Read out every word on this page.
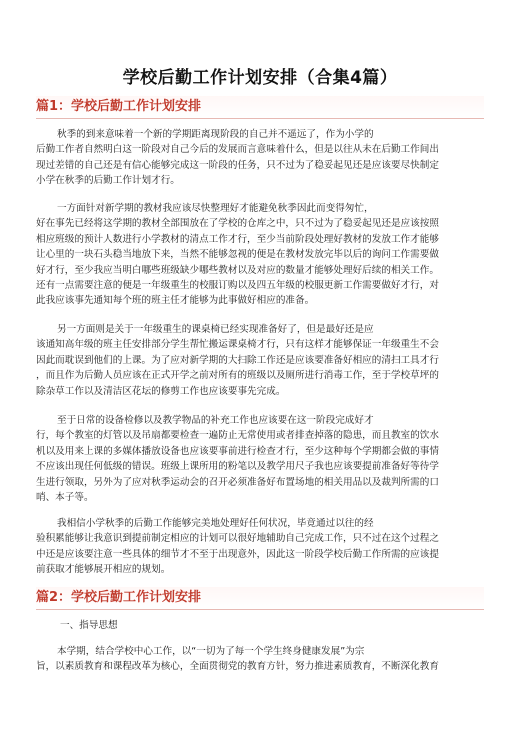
学校后勤工作计划安排（合集4篇）
篇1：学校后勤工作计划安排

秋季的到来意味着一个新的学期距离现阶段的自己并不遥远了，作为小学的
后勤工作者自然明白这一阶段对自己今后的发展而言意味着什么，但是以往从未在后勤工作间出
现过差错的自己还是有信心能够完成这一阶段的任务，只不过为了稳妥起见还是应该要尽快制定
小学在秋季的后勤工作计划才行。

一方面针对新学期的教材我应该尽快整理好才能避免秋季因此而变得匆忙，
好在事先已经将这学期的教材全部围放在了学校的仓库之中，只不过为了稳妥起见还是应该按照
相应班级的预计人数进行小学教材的清点工作才行，至少当前阶段处理好教材的发放工作才能够
让心里的一块石头稳当地放下来，当然不能够忽视的便是在教材发放完毕以后的询问工作需要做
好才行，至少我应当明白哪些班级缺少哪些教材以及对应的数量才能够处理好后续的相关工作。
还有一点需要注意的便是一年级重生的校服订购以及四五年级的校服更新工作需要做好才行，对
此我应该事先通知每个班的班主任才能够为此事做好相应的准备。

另一方面则是关于一年级重生的课桌椅已经实现准备好了，但是最好还是应
该通知高年级的班主任安排部分学生帮忙搬运课桌椅才行，只有这样才能够保证一年级重生不会
因此而耽误到他们的上课。为了应对新学期的大扫除工作还是应该要准备好相应的清扫工具才行
，而且作为后勤人员应该在正式开学之前对所有的班级以及厕所进行消毒工作，至于学校草坪的
除杂草工作以及清洁区花坛的修剪工作也应该要事先完成。

至于日常的设备检修以及教学物品的补充工作也应该要在这一阶段完成好才
行，每个教室的灯管以及吊扇都要检查一遍防止无常使用或者排查掉落的隐患，而且教室的饮水
机以及用来上课的多媒体播放设备也应该要事前进行检查才行，至少这种每个学期都会做的事情
不应该出现任何低级的错误。班级上课所用的粉笔以及教学用尺子我也应该要提前准备好等待学
生进行领取，另外为了应对秋季运动会的召开必须准备好布置场地的相关用品以及裁判所需的口
哨、本子等。

我相信小学秋季的后勤工作能够完美地处理好任何状况，毕竟通过以往的经
验积累能够让我意识到提前制定相应的计划可以很好地辅助自己完成工作，只不过在这个过程之
中还是应该要注意一些具体的细节才不至于出现意外，因此这一阶段学校后勤工作所需的应该提
前获取才能够展开相应的规划。

篇2：学校后勤工作计划安排
一、指导思想

本学期，结合学校中心工作，以“一切为了每一个学生终身健康发展”为宗
旨，以素质教育和课程改革为核心，全面贯彻党的教育方针，努力推进素质教育，不断深化教育
